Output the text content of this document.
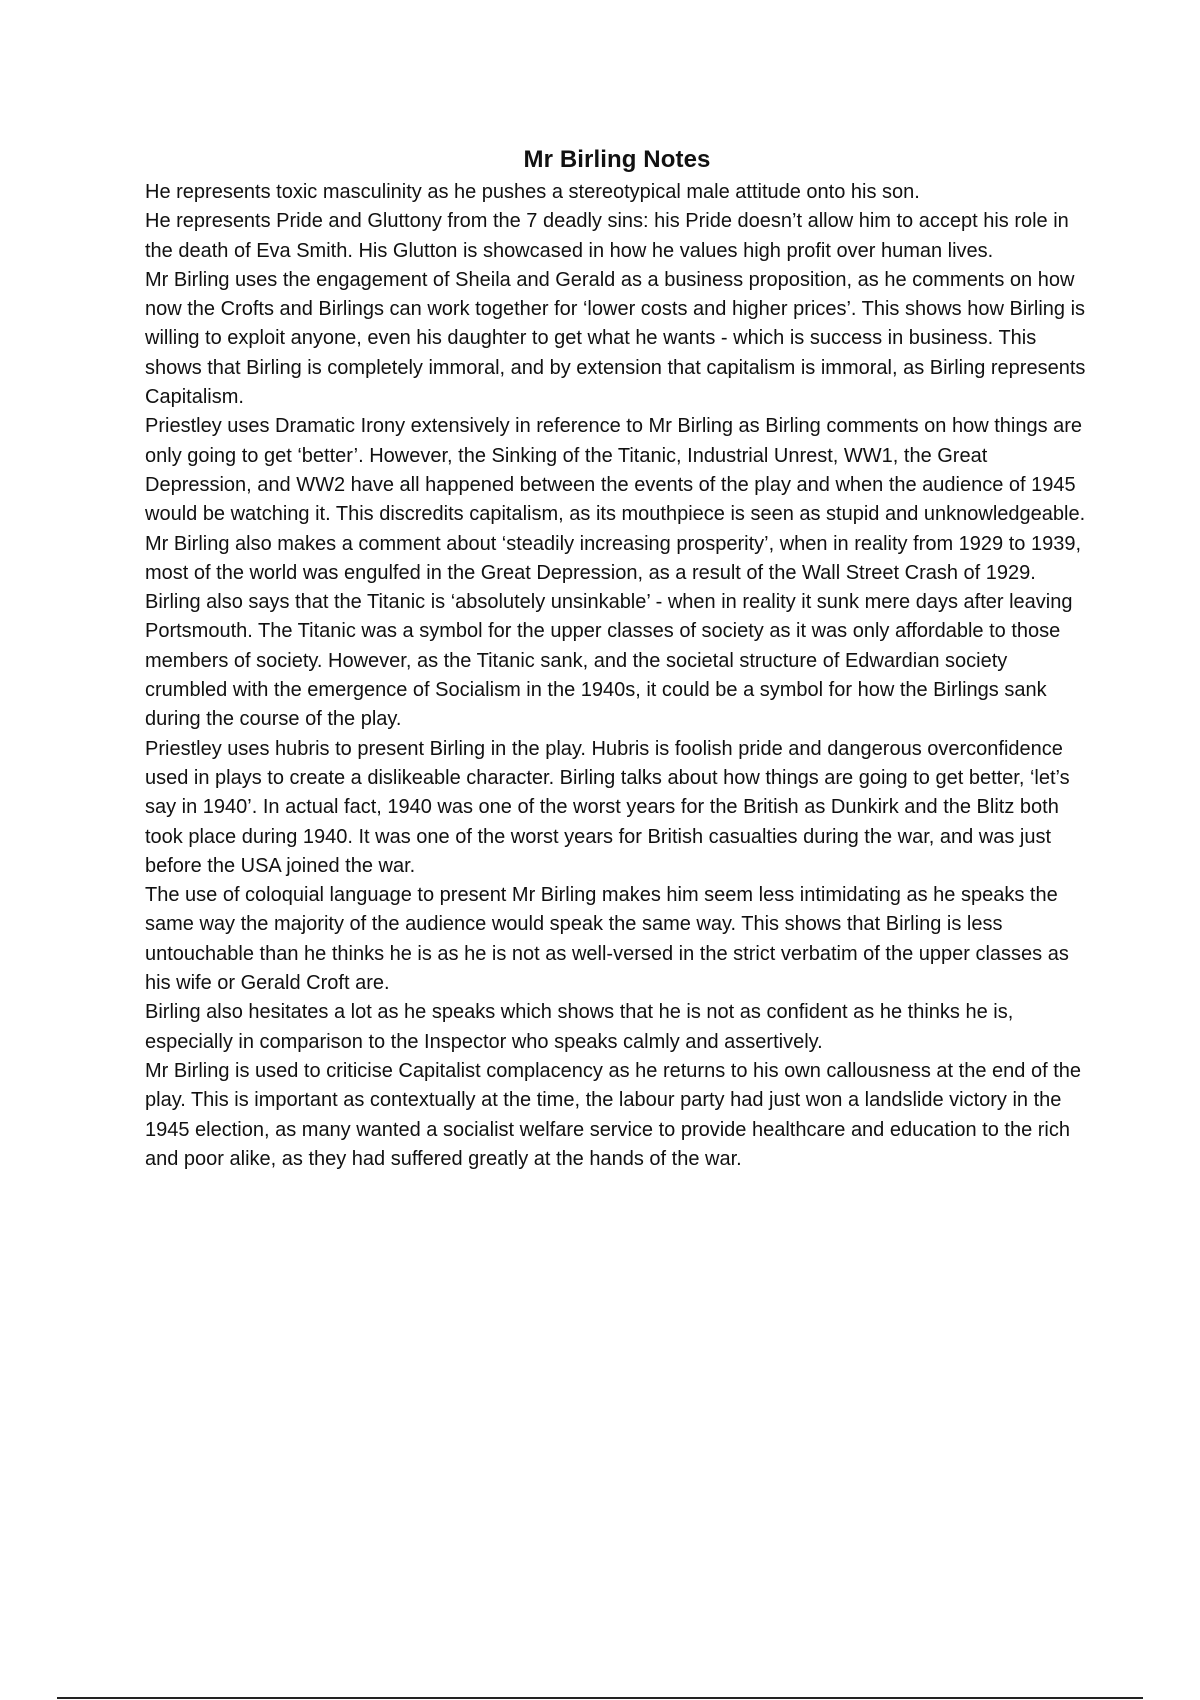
Mr Birling Notes

He represents toxic masculinity as he pushes a stereotypical male attitude onto his son.

He represents Pride and Gluttony from the 7 deadly sins: his Pride doesn’t allow him to accept his role in the death of Eva Smith. His Glutton is showcased in how he values high profit over human lives.

Mr Birling uses the engagement of Sheila and Gerald as a business proposition, as he comments on how now the Crofts and Birlings can work together for ‘lower costs and higher prices’. This shows how Birling is willing to exploit anyone, even his daughter to get what he wants - which is success in business. This shows that Birling is completely immoral, and by extension that capitalism is immoral, as Birling represents Capitalism.

Priestley uses Dramatic Irony extensively in reference to Mr Birling as Birling comments on how things are only going to get ‘better’. However, the Sinking of the Titanic, Industrial Unrest, WW1, the Great Depression, and WW2 have all happened between the events of the play and when the audience of 1945 would be watching it. This discredits capitalism, as its mouthpiece is seen as stupid and unknowledgeable. Mr Birling also makes a comment about ‘steadily increasing prosperity’, when in reality from 1929 to 1939, most of the world was engulfed in the Great Depression, as a result of the Wall Street Crash of 1929.

Birling also says that the Titanic is ‘absolutely unsinkable’ - when in reality it sunk mere days after leaving Portsmouth. The Titanic was a symbol for the upper classes of society as it was only affordable to those members of society. However, as the Titanic sank, and the societal structure of Edwardian society crumbled with the emergence of Socialism in the 1940s, it could be a symbol for how the Birlings sank during the course of the play.

Priestley uses hubris to present Birling in the play. Hubris is foolish pride and dangerous overconfidence used in plays to create a dislikeable character. Birling talks about how things are going to get better, ‘let’s say in 1940’. In actual fact, 1940 was one of the worst years for the British as Dunkirk and the Blitz both took place during 1940. It was one of the worst years for British casualties during the war, and was just before the USA joined the war.

The use of coloquial language to present Mr Birling makes him seem less intimidating as he speaks the same way the majority of the audience would speak the same way. This shows that Birling is less untouchable than he thinks he is as he is not as well-versed in the strict verbatim of the upper classes as his wife or Gerald Croft are.

Birling also hesitates a lot as he speaks which shows that he is not as confident as he thinks he is, especially in comparison to the Inspector who speaks calmly and assertively.

Mr Birling is used to criticise Capitalist complacency as he returns to his own callousness at the end of the play. This is important as contextually at the time, the labour party had just won a landslide victory in the 1945 election, as many wanted a socialist welfare service to provide healthcare and education to the rich and poor alike, as they had suffered greatly at the hands of the war.
